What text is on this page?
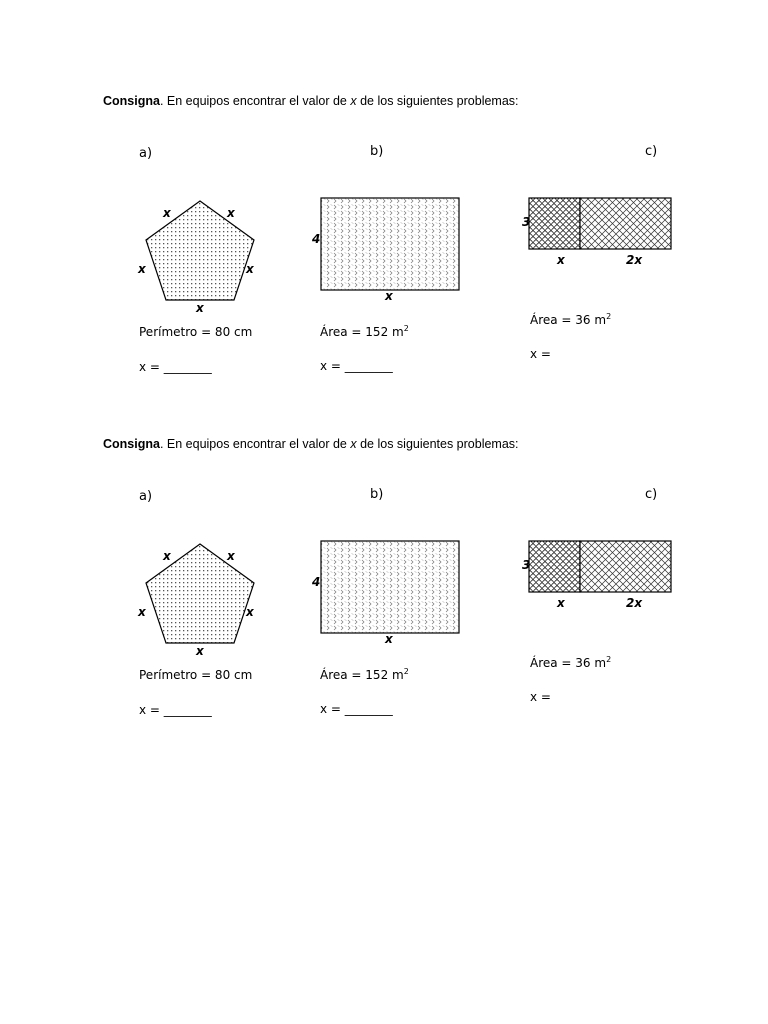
Consigna. En equipos encontrar el valor de x de los siguientes problemas:
a)
x	x
x	x
x
Perímetro = 80 cm
x = ________
b)
4
x
Área = 152 $m^2$
x = ________
c)
3
x	2x
Área = 36 $m^2$
x =
Consigna. En equipos encontrar el valor de x de los siguientes problemas:
a)
x	x
x	x
x
Perímetro = 80 cm
x = ________
b)
4
x
Área = 152 $m^2$
x = ________
c)
3
x	2x
Área = 36 $m^2$
x =
